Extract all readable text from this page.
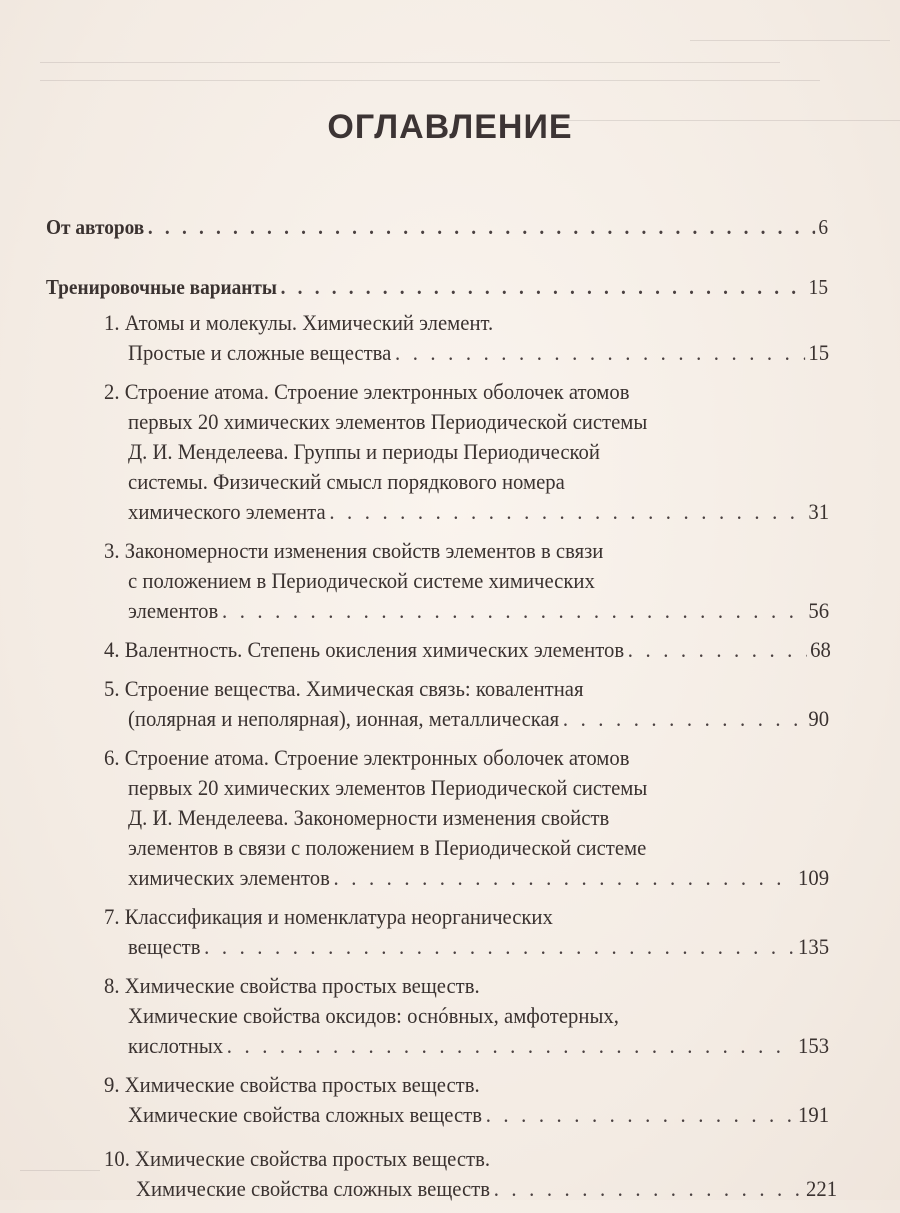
ОГЛАВЛЕНИЕ
От авторов . . .	6
Тренировочные варианты . . .	15
1. Атомы и молекулы. Химический элемент.
Простые и сложные вещества . . .	15
2. Строение атома. Строение электронных оболочек атомов
первых 20 химических элементов Периодической системы
Д. И. Менделеева. Группы и периоды Периодической
системы. Физический смысл порядкового номера
химического элемента . . .	31
3. Закономерности изменения свойств элементов в связи
с положением в Периодической системе химических
элементов . . .	56
4. Валентность. Степень окисления химических элементов . . .	68
5. Строение вещества. Химическая связь: ковалентная
(полярная и неполярная), ионная, металлическая . . .	90
6. Строение атома. Строение электронных оболочек атомов
первых 20 химических элементов Периодической системы
Д. И. Менделеева. Закономерности изменения свойств
элементов в связи с положением в Периодической системе
химических элементов . . .	109
7. Классификация и номенклатура неорганических
веществ . . .	135
8. Химические свойства простых веществ.
Химические свойства оксидов: оснóвных, амфотерных,
кислотных . . .	153
9. Химические свойства простых веществ.
Химические свойства сложных веществ . . .	191
10. Химические свойства простых веществ.
Химические свойства сложных веществ . . .	221
